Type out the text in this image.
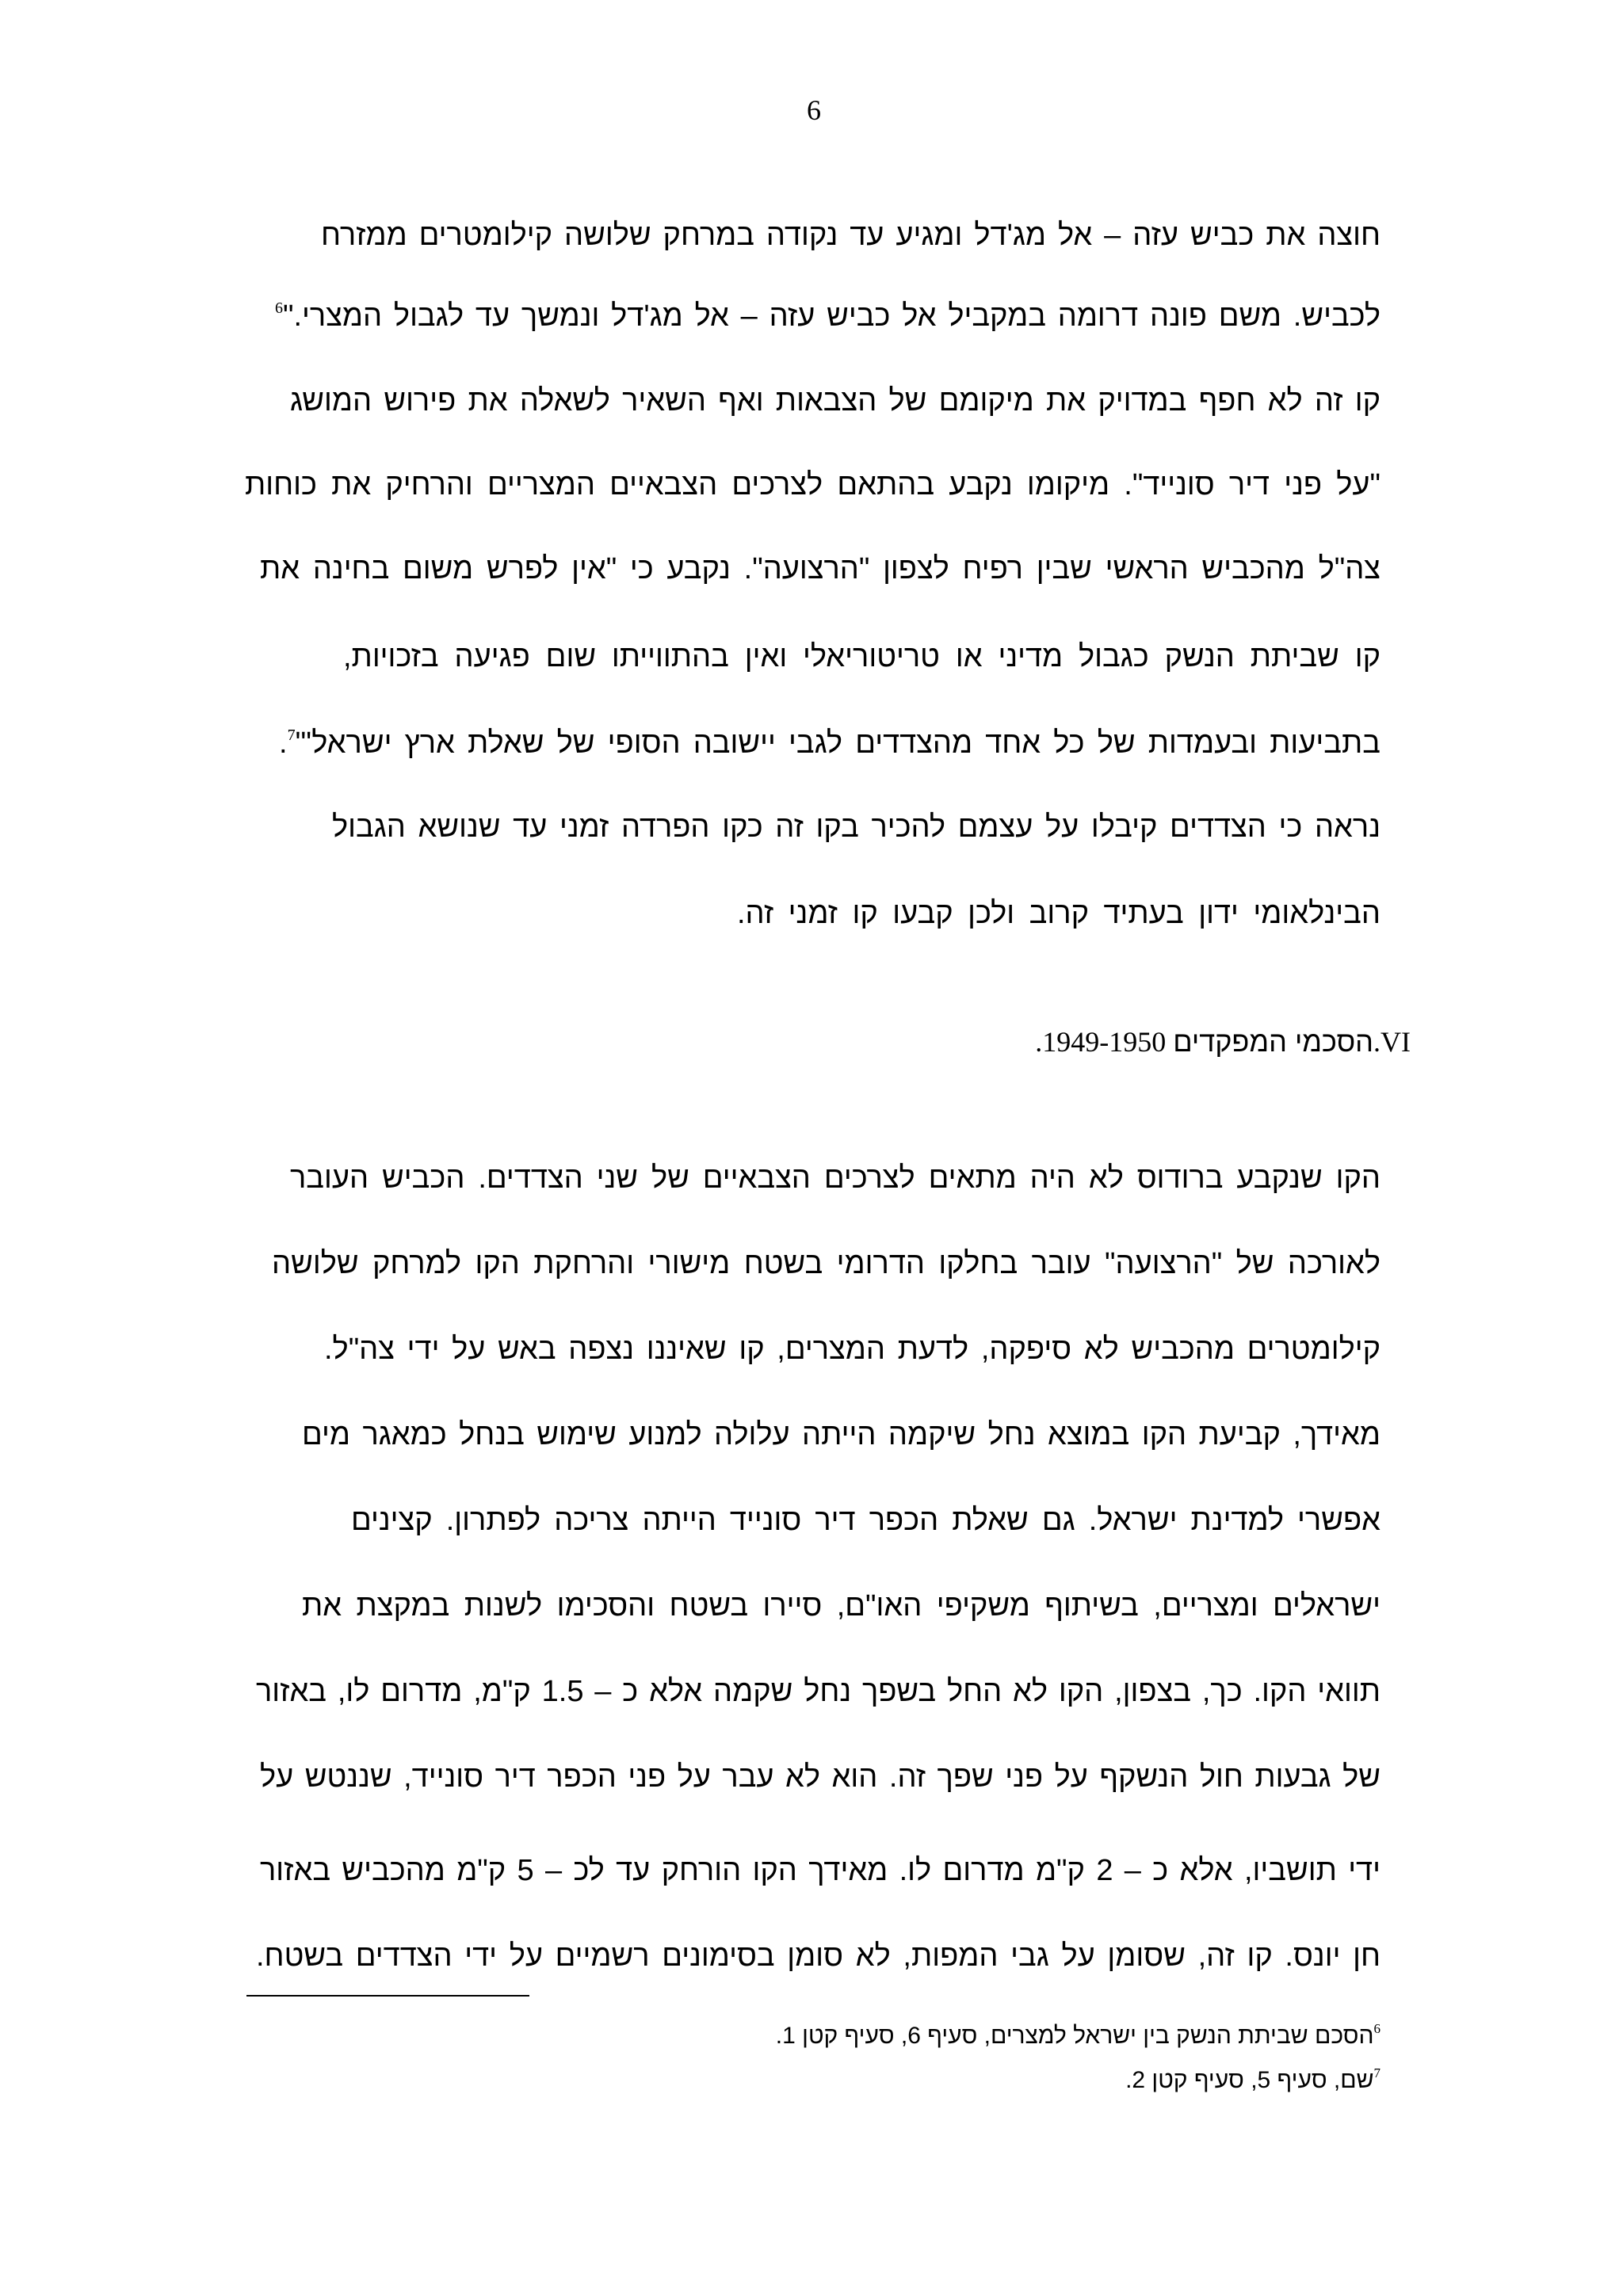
6
חוצה את כביש עזה – אל מג'דל ומגיע עד נקודה במרחק שלושה קילומטרים ממזרח
לכביש. משם פונה דרומה במקביל אל כביש עזה – אל מג'דל ונמשך עד לגבול המצרי."$^6$
קו זה לא חפף במדויק את מיקומם של הצבאות ואף השאיר לשאלה את פירוש המושג
"על פני דיר סונייד". מיקומו נקבע בהתאם לצרכים הצבאיים המצריים והרחיק את כוחות
צה"ל מהכביש הראשי שבין רפיח לצפון "הרצועה". נקבע כי "אין לפרש משום בחינה את
קו שביתת הנשק כגבול מדיני או טריטוריאלי ואין בהתווייתו שום פגיעה בזכויות,
בתביעות ובעמדות של כל אחד מהצדדים לגבי יישובה הסופי של שאלת ארץ ישראל'"$^7$.
נראה כי הצדדים קיבלו על עצמם להכיר בקו זה כקו הפרדה זמני עד שנושא הגבול
הבינלאומי ידון בעתיד קרוב ולכן קבעו קו זמני זה.
VI.הסכמי המפקדים 1949-1950.
הקו שנקבע ברודוס לא היה מתאים לצרכים הצבאיים של שני הצדדים. הכביש העובר
לאורכה של "הרצועה" עובר בחלקו הדרומי בשטח מישורי והרחקת הקו למרחק שלושה
קילומטרים מהכביש לא סיפקה, לדעת המצרים, קו שאיננו נצפה באש על ידי צה"ל.
מאידך, קביעת הקו במוצא נחל שיקמה הייתה עלולה למנוע שימוש בנחל כמאגר מים
אפשרי למדינת ישראל. גם שאלת הכפר דיר סונייד הייתה צריכה לפתרון. קצינים
ישראלים ומצריים, בשיתוף משקיפי האו"ם, סיירו בשטח והסכימו לשנות במקצת את
תוואי הקו. כך, בצפון, הקו לא החל בשפך נחל שקמה אלא כ – 1.5 ק"מ, מדרום לו, באזור
של גבעות חול הנשקף על פני שפך זה. הוא לא עבר על פני הכפר דיר סונייד, שננטש על
ידי תושביו, אלא כ – 2 ק"מ מדרום לו. מאידך הקו הורחק עד לכ – 5 ק"מ מהכביש באזור
חן יונס. קו זה, שסומן על גבי המפות, לא סומן בסימונים רשמיים על ידי הצדדים בשטח.
$^6$הסכם שביתת הנשק בין ישראל למצרים, סעיף 6, סעיף קטן 1.
$^7$שם, סעיף 5, סעיף קטן 2.
